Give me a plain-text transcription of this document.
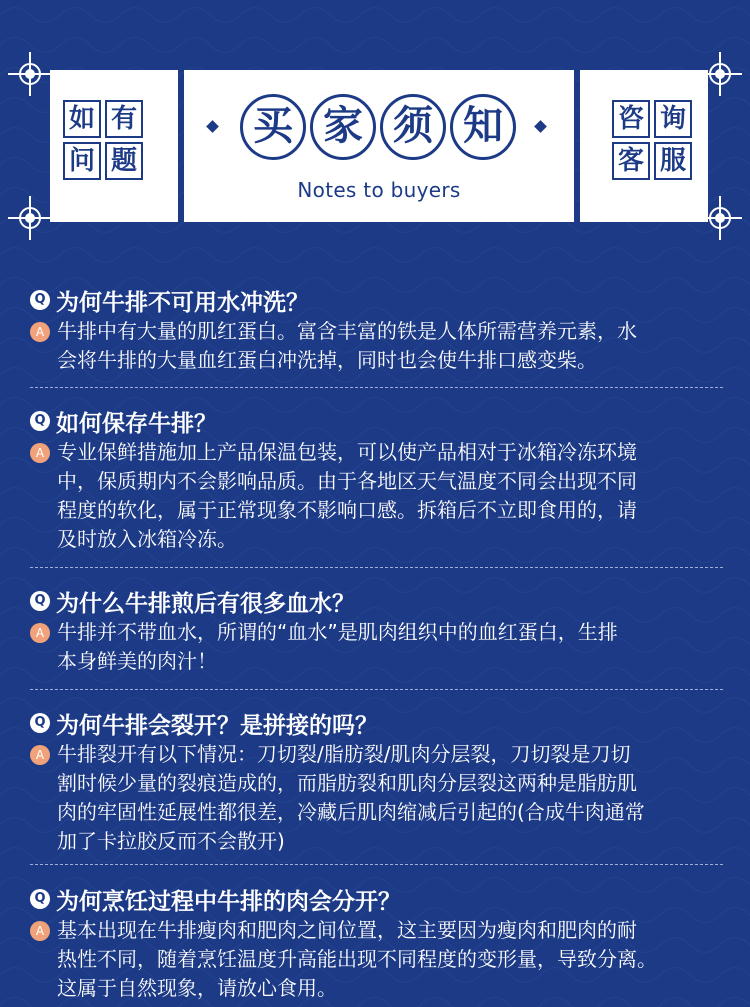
如 有
问 题
买 家 须 知
Notes to buyers
咨 询
客 服
Q 为何牛排不可用水冲洗？
A 牛排中有大量的肌红蛋白。富含丰富的铁是人体所需营养元素，水
会将牛排的大量血红蛋白冲洗掉，同时也会使牛排口感变柴。
Q 如何保存牛排？
A 专业保鲜措施加上产品保温包装，可以使产品相对于冰箱冷冻环境
中，保质期内不会影响品质。由于各地区天气温度不同会出现不同
程度的软化，属于正常现象不影响口感。拆箱后不立即食用的，请
及时放入冰箱冷冻。
Q 为什么牛排煎后有很多血水？
A 牛排并不带血水，所谓的“血水”是肌肉组织中的血红蛋白，生排
本身鲜美的肉汁！
Q 为何牛排会裂开？是拼接的吗？
A 牛排裂开有以下情况：刀切裂/脂肪裂/肌肉分层裂，刀切裂是刀切
割时候少量的裂痕造成的，而脂肪裂和肌肉分层裂这两种是脂肪肌
肉的牢固性延展性都很差，冷藏后肌肉缩减后引起的(合成牛肉通常
加了卡拉胶反而不会散开)
Q 为何烹饪过程中牛排的肉会分开？
A 基本出现在牛排瘦肉和肥肉之间位置，这主要因为瘦肉和肥肉的耐
热性不同，随着烹饪温度升高能出现不同程度的变形量，导致分离。
这属于自然现象，请放心食用。
